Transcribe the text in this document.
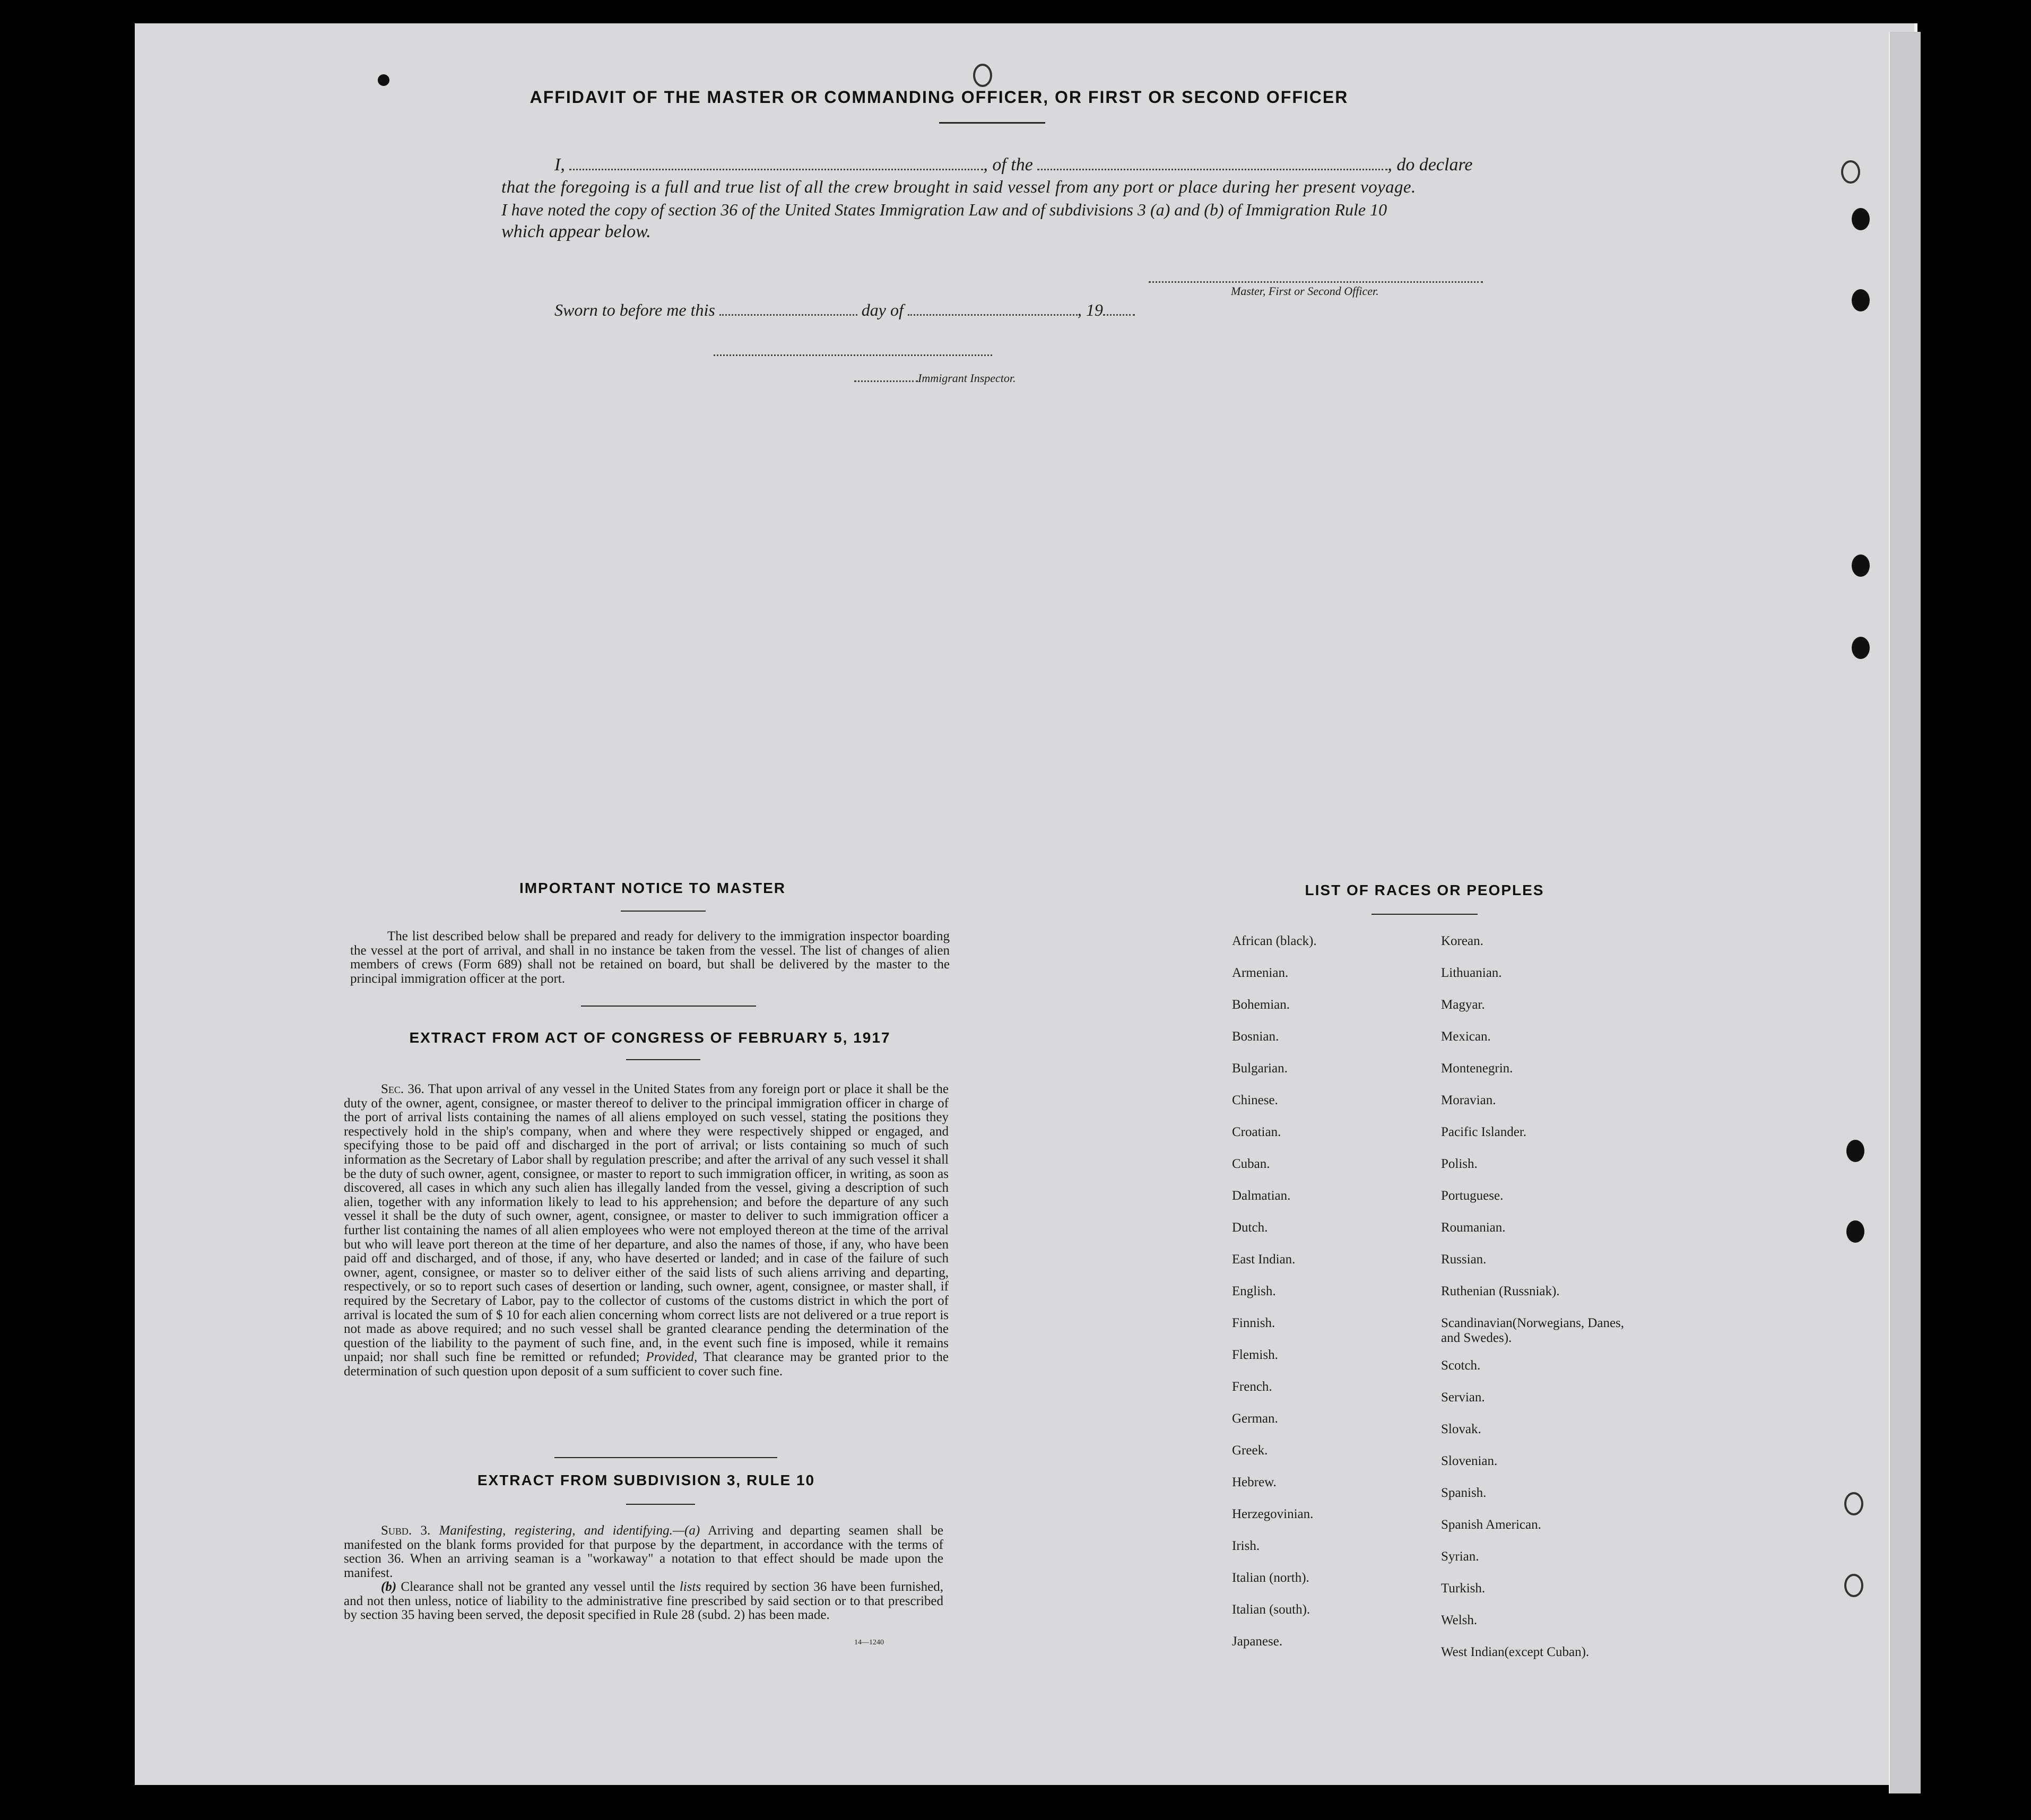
AFFIDAVIT OF THE MASTER OR COMMANDING OFFICER, OR FIRST OR SECOND OFFICER
I,	, of the	, do declare
that the foregoing is a full and true list of all the crew brought in said vessel from any port or place during her present voyage.
I have noted the copy of section 36 of the United States Immigration Law and of subdivisions 3 (a) and (b) of Immigration Rule 10
which appear below.
Master, First or Second Officer.
Sworn to before me this	day of	, 19
Immigrant Inspector.
IMPORTANT NOTICE TO MASTER
The list described below shall be prepared and ready for delivery to the immigration inspector boarding the vessel at the port of arrival, and shall in no instance be taken from the vessel. The list of changes of alien members of crews (Form 689) shall not be retained on board, but shall be delivered by the master to the principal immigration officer at the port.
EXTRACT FROM ACT OF CONGRESS OF FEBRUARY 5, 1917
Sec. 36. That upon arrival of any vessel in the United States from any foreign port or place it shall be the duty of the owner, agent, consignee, or master thereof to deliver to the principal immigration officer in charge of the port of arrival lists containing the names of all aliens employed on such vessel, stating the positions they respectively hold in the ship's company, when and where they were respectively shipped or engaged, and specifying those to be paid off and discharged in the port of arrival; or lists containing so much of such information as the Secretary of Labor shall by regulation prescribe; and after the arrival of any such vessel it shall be the duty of such owner, agent, consignee, or master to report to such immigration officer, in writing, as soon as discovered, all cases in which any such alien has illegally landed from the vessel, giving a description of such alien, together with any information likely to lead to his apprehension; and before the departure of any such vessel it shall be the duty of such owner, agent, consignee, or master to deliver to such immigration officer a further list containing the names of all alien employees who were not employed thereon at the time of the arrival but who will leave port thereon at the time of her departure, and also the names of those, if any, who have been paid off and discharged, and of those, if any, who have deserted or landed; and in case of the failure of such owner, agent, consignee, or master so to deliver either of the said lists of such aliens arriving and departing, respectively, or so to report such cases of desertion or landing, such owner, agent, consignee, or master shall, if required by the Secretary of Labor, pay to the collector of customs of the customs district in which the port of arrival is located the sum of $ 10 for each alien concerning whom correct lists are not delivered or a true report is not made as above required; and no such vessel shall be granted clearance pending the determination of the question of the liability to the payment of such fine, and, in the event such fine is imposed, while it remains unpaid; nor shall such fine be remitted or refunded; Provided, That clearance may be granted prior to the determination of such question upon deposit of a sum sufficient to cover such fine.
EXTRACT FROM SUBDIVISION 3, RULE 10
Subd. 3. Manifesting, registering, and identifying.—(a) Arriving and departing seamen shall be manifested on the blank forms provided for that purpose by the department, in accordance with the terms of section 36. When an arriving seaman is a "workaway" a notation to that effect should be made upon the manifest.
(b) Clearance shall not be granted any vessel until the lists required by section 36 have been furnished, and not then unless, notice of liability to the administrative fine prescribed by said section or to that prescribed by section 35 having been served, the deposit specified in Rule 28 (subd. 2) has been made.
14—1240
LIST OF RACES OR PEOPLES
African (black).
Armenian.
Bohemian.
Bosnian.
Bulgarian.
Chinese.
Croatian.
Cuban.
Dalmatian.
Dutch.
East Indian.
English.
Finnish.
Flemish.
French.
German.
Greek.
Hebrew.
Herzegovinian.
Irish.
Italian (north).
Italian (south).
Japanese.
Korean.
Lithuanian.
Magyar.
Mexican.
Montenegrin.
Moravian.
Pacific Islander.
Polish.
Portuguese.
Roumanian.
Russian.
Ruthenian (Russniak).
Scandinavian(Norwegians, Danes, and Swedes).
Scotch.
Servian.
Slovak.
Slovenian.
Spanish.
Spanish American.
Syrian.
Turkish.
Welsh.
West Indian(except Cuban).
